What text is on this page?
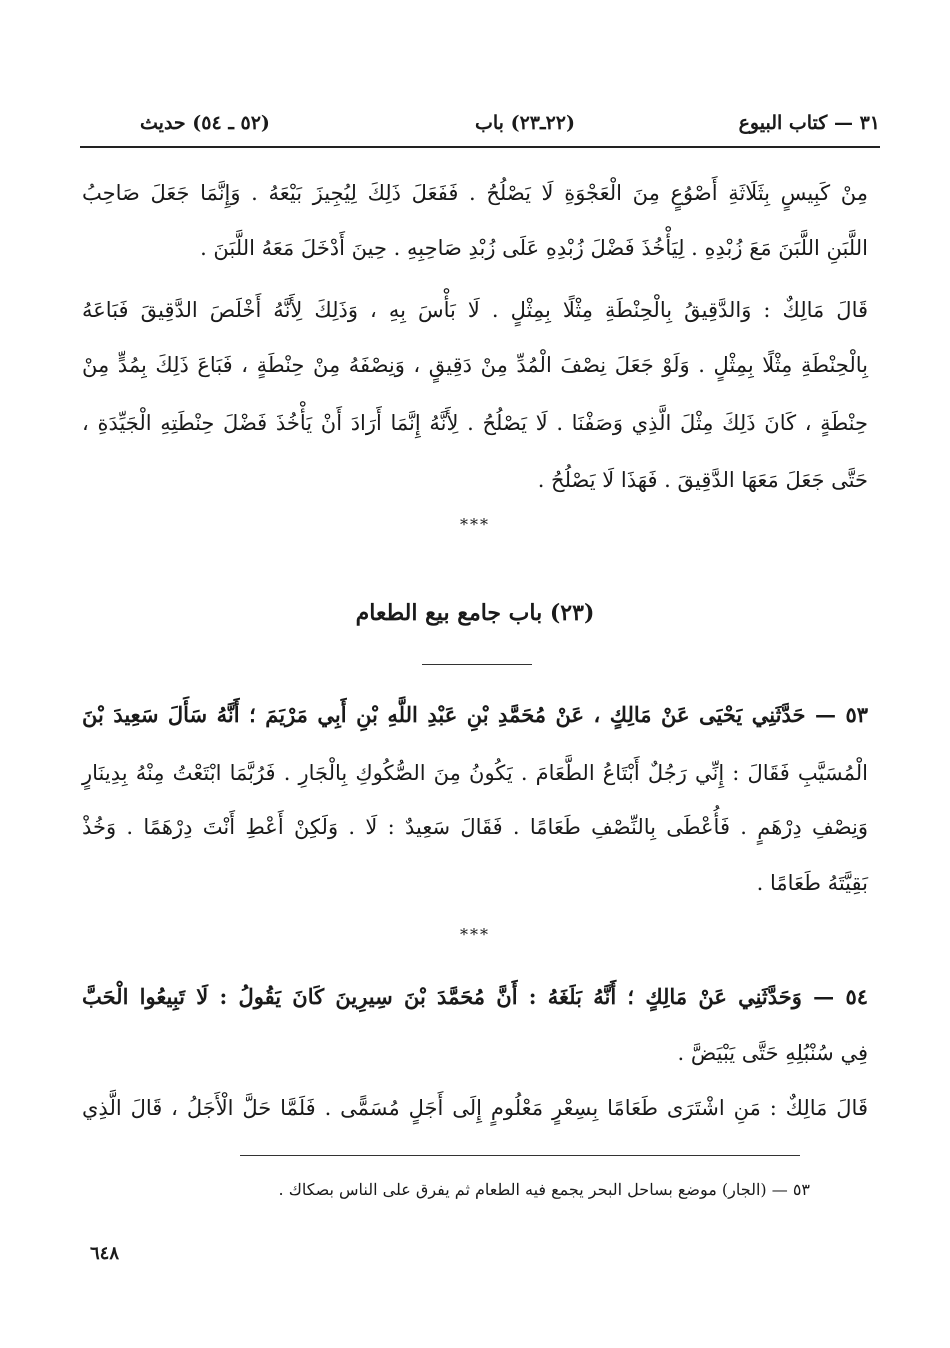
٣١ — كتاب البيوع
(٢٢ـ٢٣) باب
(٥٢ ـ ٥٤) حديث
مِنْ كَبِيسٍ بِثَلَاثَةِ أَصْوُعٍ مِنَ الْعَجْوَةِ لَا يَصْلُحُ . فَفَعَلَ ذَلِكَ لِيُجِيزَ بَيْعَهُ . وَإِنَّمَا جَعَلَ صَاحِبُ
اللَّبَنِ اللَّبَنَ مَعَ زُبْدِهِ . لِيَأْخُذَ فَضْلَ زُبْدِهِ عَلَى زُبْدِ صَاحِبِهِ . حِينَ أَدْخَلَ مَعَهُ اللَّبَنَ .
قَالَ مَالِكٌ : وَالدَّقِيقُ بِالْحِنْطَةِ مِثْلًا بِمِثْلٍ . لَا بَأْسَ بِهِ ، وَذَلِكَ لِأَنَّهُ أَخْلَصَ الدَّقِيقَ فَبَاعَهُ
بِالْحِنْطَةِ مِثْلًا بِمِثْلٍ . وَلَوْ جَعَلَ نِصْفَ الْمُدِّ مِنْ دَقِيقٍ ، وَنِصْفَهُ مِنْ حِنْطَةٍ ، فَبَاعَ ذَلِكَ بِمُدٍّ مِنْ
حِنْطَةٍ ، كَانَ ذَلِكَ مِثْلَ الَّذِي وَصَفْنَا . لَا يَصْلُحُ . لِأَنَّهُ إِنَّمَا أَرَادَ أَنْ يَأْخُذَ فَضْلَ حِنْطَتِهِ الْجَيِّدَةِ ،
حَتَّى جَعَلَ مَعَهَا الدَّقِيقَ . فَهَذَا لَا يَصْلُحُ .
***
(٢٣) باب جامع بيع الطعام
٥٣ — حَدَّثَنِي يَحْيَى عَنْ مَالِكٍ ، عَنْ مُحَمَّدِ بْنِ عَبْدِ اللَّهِ بْنِ أَبِي مَرْيَمَ ؛ أَنَّهُ سَأَلَ سَعِيدَ بْنَ
الْمُسَيَّبِ فَقَالَ : إِنِّي رَجُلٌ أَبْتَاعُ الطَّعَامَ . يَكُونُ مِنَ الصُّكُوكِ بِالْجَارِ . فَرُبَّمَا ابْتَعْتُ مِنْهُ بِدِينَارٍ
وَنِصْفِ دِرْهَمٍ . فَأُعْطَى بِالنِّصْفِ طَعَامًا . فَقَالَ سَعِيدٌ : لَا . وَلَكِنْ أَعْطِ أَنْتَ دِرْهَمًا . وَخُذْ
بَقِيَّتَهُ طَعَامًا .
***
٥٤ — وَحَدَّثَنِي عَنْ مَالِكٍ ؛ أَنَّهُ بَلَغَهُ : أَنَّ مُحَمَّدَ بْنَ سِيرِينَ كَانَ يَقُولُ : لَا تَبِيعُوا الْحَبَّ
فِي سُنْبُلِهِ حَتَّى يَبْيَضَّ .
قَالَ مَالِكٌ : مَنِ اشْتَرَى طَعَامًا بِسِعْرٍ مَعْلُومٍ إِلَى أَجَلٍ مُسَمًّى . فَلَمَّا حَلَّ الْأَجَلُ ، قَالَ الَّذِي
٥٣ — (الجار) موضع بساحل البحر يجمع فيه الطعام ثم يفرق على الناس بصكاك .
٦٤٨
